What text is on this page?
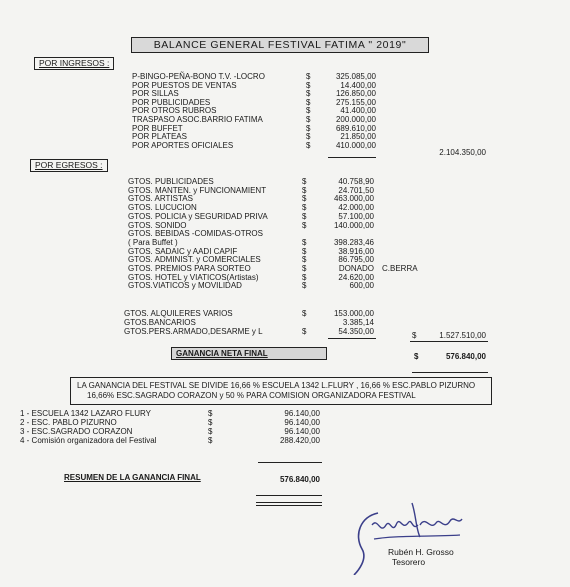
BALANCE GENERAL FESTIVAL FATIMA " 2019"
POR INGRESOS :
P-BINGO-PEÑA-BONO T.V. -LOCRO	$	325.085,00
POR PUESTOS DE VENTAS	$	14.400,00
POR SILLAS	$	126.850,00
POR PUBLICIDADES	$	275.155,00
POR OTROS RUBROS	$	41.400,00
TRASPASO ASOC.BARRIO FATIMA	$	200.000,00
POR BUFFET	$	689.610,00
POR PLATEAS	$	21.850,00
POR APORTES OFICIALES	$	410.000,00
2.104.350,00
POR EGRESOS :
GTOS. PUBLICIDADES	$	40.758,90
GTOS. MANTEN. y FUNCIONAMIENT	$	24.701,50
GTOS. ARTISTAS	$	463.000,00
GTOS. LUCUCION	$	42.000,00
GTOS. POLICIA y SEGURIDAD PRIVA	$	57.100,00
GTOS. SONIDO	$	140.000,00
GTOS. BEBIDAS -COMIDAS-OTROS
( Para Buffet )	$	398.283,46
GTOS. SADAIC y AADI CAPIF	$	38.916,00
GTOS. ADMINIST. y COMERCIALES	$	86.795,00
GTOS. PREMIOS PARA SORTEO	$	DONADO C.BERRA
GTOS. HOTEL y VIATICOS(Artistas)	$	24.620,00
GTOS.VIATICOS y MOVILIDAD	$	600,00
GTOS. ALQUILERES VARIOS	$	153.000,00
GTOS.BANCARIOS	3.385,14
GTOS.PERS.ARMADO,DESARME y L	$	54.350,00	$	1.527.510,00
GANANCIA NETA FINAL	$	576.840,00
LA GANANCIA DEL FESTIVAL SE DIVIDE 16,66 % ESCUELA 1342 L.FLURY , 16,66 % ESC.PABLO PIZURNO
16,66% ESC.SAGRADO CORAZON y 50 % PARA COMISION ORGANIZADORA FESTIVAL
1 - ESCUELA 1342 LAZARO FLURY	$	96.140,00
2 - ESC. PABLO PIZURNO	$	96.140,00
3 - ESC.SAGRADO CORAZON	$	96.140,00
4 - Comisión organizadora del Festival	$	288.420,00
RESUMEN DE LA GANANCIA FINAL	576.840,00
Rubén H. Grosso
Tesorero
